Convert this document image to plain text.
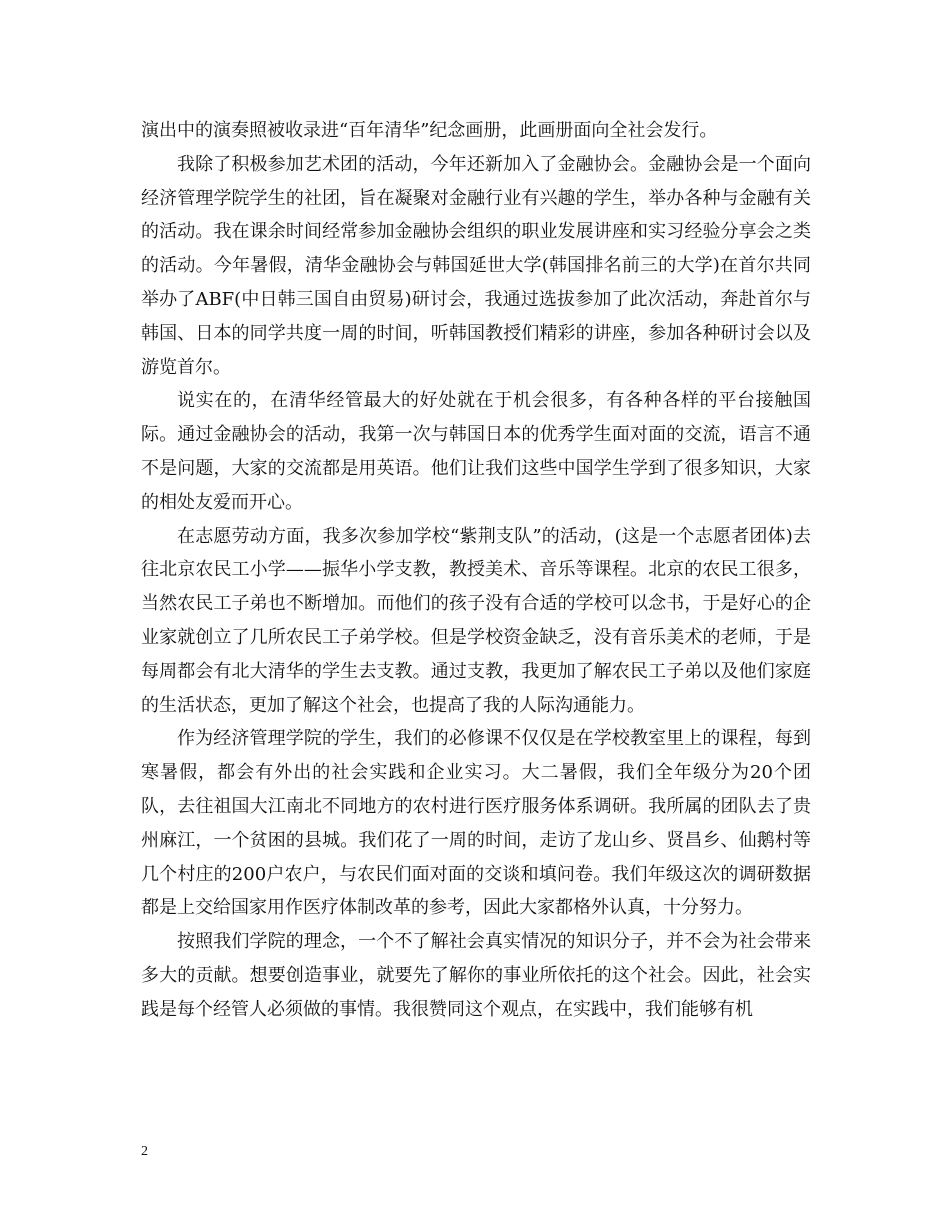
演出中的演奏照被收录进“百年清华”纪念画册，此画册面向全社会发行。

我除了积极参加艺术团的活动，今年还新加入了金融协会。金融协会是一个面向经济管理学院学生的社团，旨在凝聚对金融行业有兴趣的学生，举办各种与金融有关的活动。我在课余时间经常参加金融协会组织的职业发展讲座和实习经验分享会之类的活动。今年暑假，清华金融协会与韩国延世大学(韩国排名前三的大学)在首尔共同举办了ABF(中日韩三国自由贸易)研讨会，我通过选拔参加了此次活动，奔赴首尔与韩国、日本的同学共度一周的时间，听韩国教授们精彩的讲座，参加各种研讨会以及游览首尔。

说实在的，在清华经管最大的好处就在于机会很多，有各种各样的平台接触国际。通过金融协会的活动，我第一次与韩国日本的优秀学生面对面的交流，语言不通不是问题，大家的交流都是用英语。他们让我们这些中国学生学到了很多知识，大家的相处友爱而开心。

在志愿劳动方面，我多次参加学校“紫荆支队”的活动，(这是一个志愿者团体)去往北京农民工小学——振华小学支教，教授美术、音乐等课程。北京的农民工很多，当然农民工子弟也不断增加。而他们的孩子没有合适的学校可以念书，于是好心的企业家就创立了几所农民工子弟学校。但是学校资金缺乏，没有音乐美术的老师，于是每周都会有北大清华的学生去支教。通过支教，我更加了解农民工子弟以及他们家庭的生活状态，更加了解这个社会，也提高了我的人际沟通能力。

作为经济管理学院的学生，我们的必修课不仅仅是在学校教室里上的课程，每到寒暑假，都会有外出的社会实践和企业实习。大二暑假，我们全年级分为20个团队，去往祖国大江南北不同地方的农村进行医疗服务体系调研。我所属的团队去了贵州麻江，一个贫困的县城。我们花了一周的时间，走访了龙山乡、贤昌乡、仙鹅村等几个村庄的200户农户，与农民们面对面的交谈和填问卷。我们年级这次的调研数据都是上交给国家用作医疗体制改革的参考，因此大家都格外认真，十分努力。

按照我们学院的理念，一个不了解社会真实情况的知识分子，并不会为社会带来多大的贡献。想要创造事业，就要先了解你的事业所依托的这个社会。因此，社会实践是每个经管人必须做的事情。我很赞同这个观点，在实践中，我们能够有机

2
